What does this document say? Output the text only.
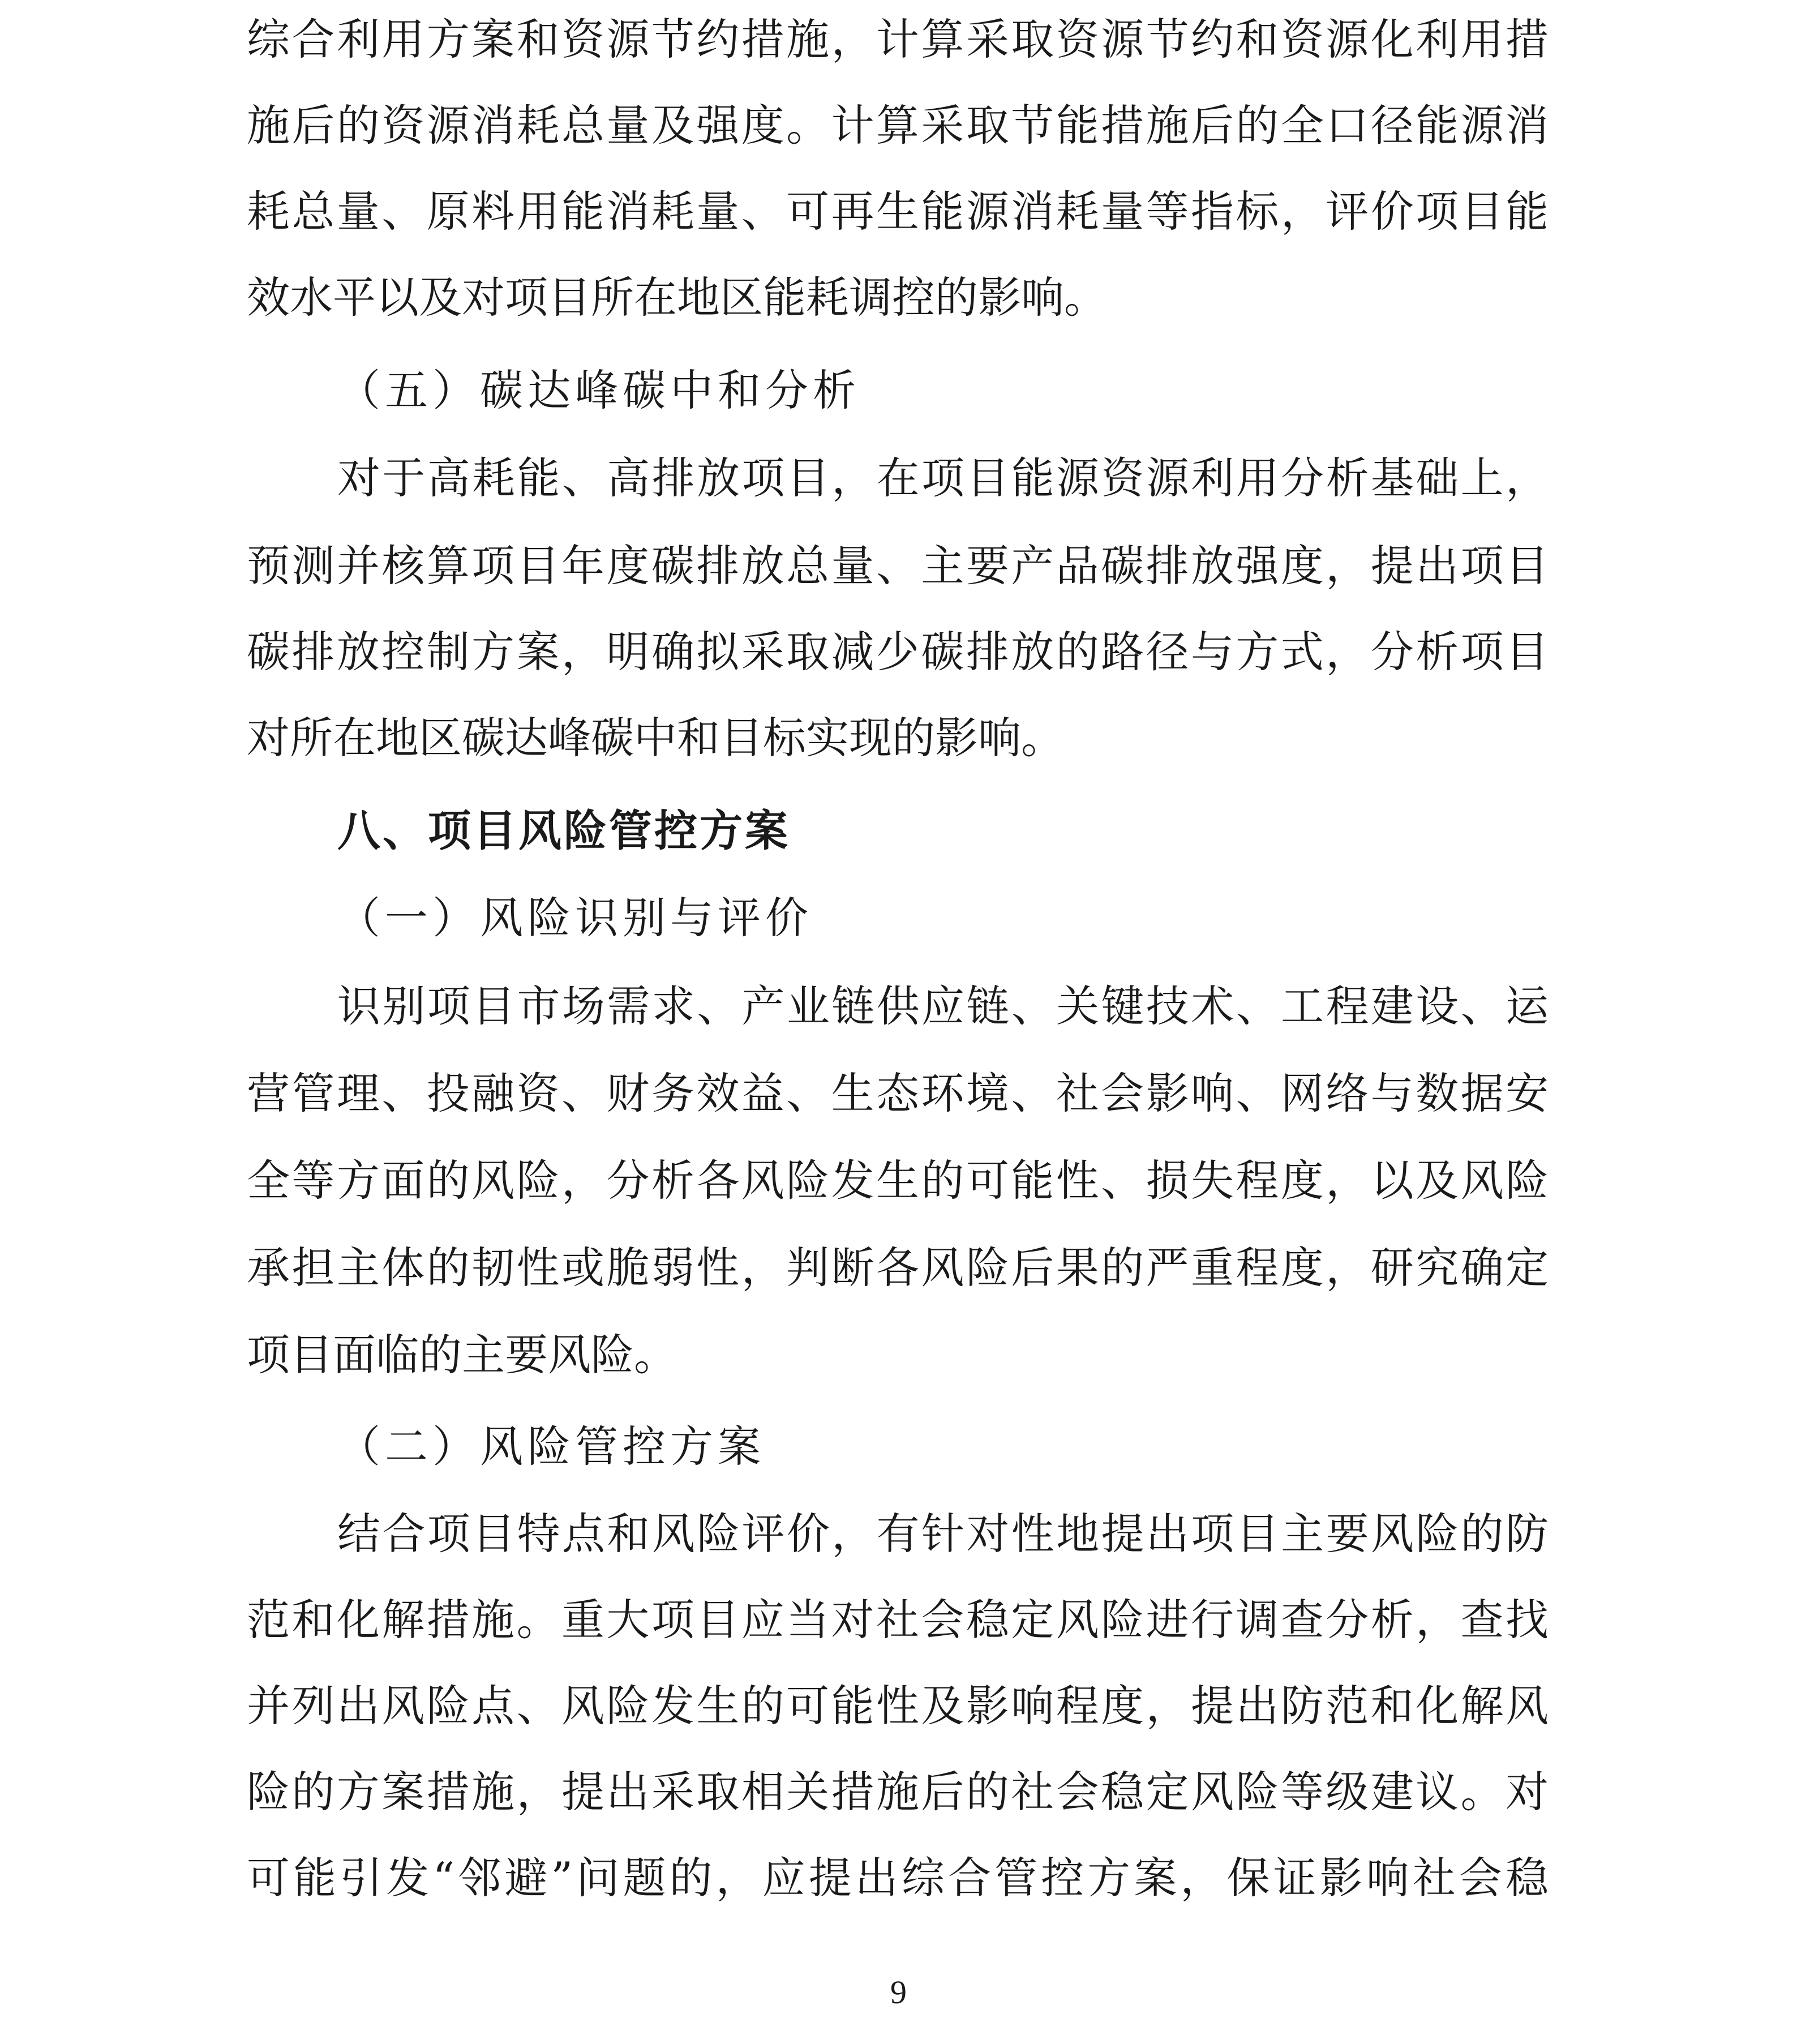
综合利用方案和资源节约措施，计算采取资源节约和资源化利用措
施后的资源消耗总量及强度。计算采取节能措施后的全口径能源消
耗总量、原料用能消耗量、可再生能源消耗量等指标，评价项目能
效水平以及对项目所在地区能耗调控的影响。
（五）碳达峰碳中和分析
对于高耗能、高排放项目，在项目能源资源利用分析基础上，
预测并核算项目年度碳排放总量、主要产品碳排放强度，提出项目
碳排放控制方案，明确拟采取减少碳排放的路径与方式，分析项目
对所在地区碳达峰碳中和目标实现的影响。
八、项目风险管控方案
（一）风险识别与评价
识别项目市场需求、产业链供应链、关键技术、工程建设、运
营管理、投融资、财务效益、生态环境、社会影响、网络与数据安
全等方面的风险，分析各风险发生的可能性、损失程度，以及风险
承担主体的韧性或脆弱性，判断各风险后果的严重程度，研究确定
项目面临的主要风险。
（二）风险管控方案
结合项目特点和风险评价，有针对性地提出项目主要风险的防
范和化解措施。重大项目应当对社会稳定风险进行调查分析，查找
并列出风险点、风险发生的可能性及影响程度，提出防范和化解风
险的方案措施，提出采取相关措施后的社会稳定风险等级建议。对
可能引发“邻避”问题的，应提出综合管控方案，保证影响社会稳
9
